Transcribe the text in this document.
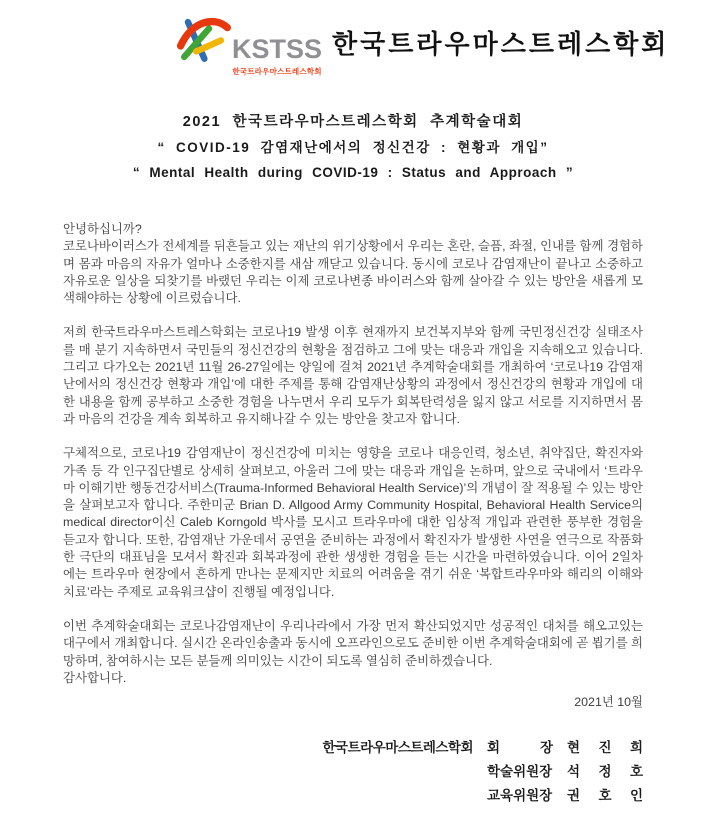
KSTSS
한국트라우마스트레스학회
한국트라우마스트레스학회
2021 한국트라우마스트레스학회 추계학술대회
“ COVID-19 감염재난에서의 정신건강 : 현황과 개입”
“ Mental Health during COVID-19 : Status and Approach ”
안녕하십니까?

코로나바이러스가 전세계를 뒤흔들고 있는 재난의 위기상황에서 우리는 혼란, 슬픔, 좌절, 인내를 함께 경험하며 몸과 마음의 자유가 얼마나 소중한지를 새삼 깨닫고 있습니다. 동시에 코로나 감염재난이 끝나고 소중하고 자유로운 일상을 되찾기를 바랬던 우리는 이제 코로나변종 바이러스와 함께 살아갈 수 있는 방안을 새롭게 모색해야하는 상황에 이르렀습니다.

저희 한국트라우마스트레스학회는 코로나19 발생 이후 현재까지 보건복지부와 함께 국민정신건강 실태조사를 매 분기 지속하면서 국민들의 정신건강의 현황을 점검하고 그에 맞는 대응과 개입을 지속해오고 있습니다. 그리고 다가오는 2021년 11월 26-27일에는 양일에 걸쳐 2021년 추계학술대회를 개최하여 ‘코로나19 감염재난에서의 정신건강 현황과 개입’에 대한 주제를 통해 감염재난상황의 과정에서 정신건강의 현황과 개입에 대한 내용을 함께 공부하고 소중한 경험을 나누면서 우리 모두가 회복탄력성을 잃지 않고 서로를 지지하면서 몸과 마음의 건강을 계속 회복하고 유지해나갈 수 있는 방안을 찾고자 합니다.

구체적으로, 코로나19 감염재난이 정신건강에 미치는 영향을 코로나 대응인력, 청소년, 취약집단, 확진자와 가족 등 각 인구집단별로 상세히 살펴보고, 아울러 그에 맞는 대응과 개입을 논하며, 앞으로 국내에서 ‘트라우마 이해기반 행동건강서비스(Trauma-Informed Behavioral Health Service)’의 개념이 잘 적용될 수 있는 방안을 살펴보고자 합니다. 주한미군 Brian D. Allgood Army Community Hospital, Behavioral Health Service의 medical director이신 Caleb Korngold 박사를 모시고 트라우마에 대한 임상적 개입과 관련한 풍부한 경험을 듣고자 합니다. 또한, 감염재난 가운데서 공연을 준비하는 과정에서 확진자가 발생한 사연을 연극으로 작품화한 극단의 대표님을 모셔서 확진과 회복과정에 관한 생생한 경험을 듣는 시간을 마련하였습니다. 이어 2일차에는 트라우마 현장에서 흔하게 만나는 문제지만 치료의 어려움을 겪기 쉬운 ‘복합트라우마와 해리의 이해와 치료’라는 주제로 교육워크샵이 진행될 예정입니다.

이번 추계학술대회는 코로나감염재난이 우리나라에서 가장 먼저 확산되었지만 성공적인 대처를 해오고있는 대구에서 개최합니다. 실시간 온라인송출과 동시에 오프라인으로도 준비한 이번 추계학술대회에 곧 뵙기를 희망하며, 참여하시는 모든 분들께 의미있는 시간이 되도록 열심히 준비하겠습니다.

감사합니다.
2021년 10월
한국트라우마스트레스학회 회 장 현 진 희
학술위원장 석 정 호
교육위원장 권 호 인
